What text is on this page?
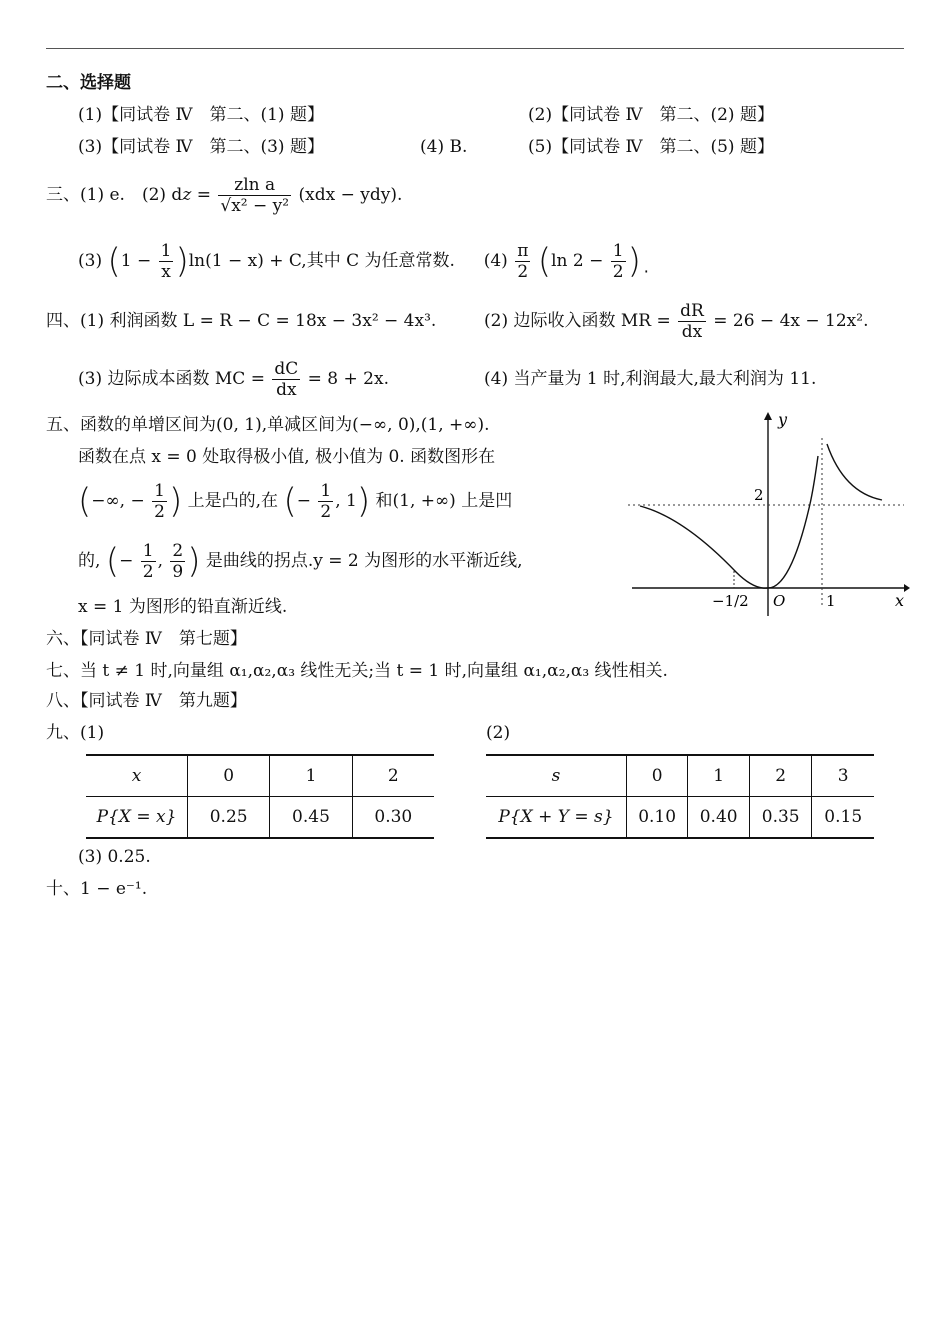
二、选择题
(1)【同试卷 Ⅳ　第二、(1) 题】	(2)【同试卷 Ⅳ　第二、(2) 题】
(3)【同试卷 Ⅳ　第二、(3) 题】	(4) B.	(5)【同试卷 Ⅳ　第二、(5) 题】
三、(1) e.　(2) dz = $\frac{\text{zln a}}{\text{√x² − y²}} (xdx - ydy)$.
(3) $(1 - \frac{1}{x} )\ln(1 - x) + C$,其中 C 为任意常数. $(4) \frac{\pi}{2} (\ln$ $2 - \frac{1}{2}$ ).
四、(1) 利润函数 L = R − C = 18x − 3x² − 4x³.	(2) 边际收入函数 MR = $\frac{dR}{dx} = 26 - 4x - 12x^2$.
(3) 边际成本函数 MC = $\frac{dC}{dx} = 8 + 2x$.	(4) 当产量为 1 时,利润最大,最大利润为 11.
五、函数的单增区间为(0, 1),单减区间为(−∞, 0),(1, +∞).
函数在点 x = 0 处取得极小值, 极小值为 0. 函数图形在
(−∞, − $\frac{1}{2}$ ) 上是凸的,在 (− $\frac{1}{2}$ , 1) 和(1, +∞) 上是凹
的, (− $\frac{1}{2}$ , $\frac{2}{9}$ ) 是曲线的拐点.y = 2 为图形的水平渐近线,
x = 1 为图形的铅直渐近线.
y
x
2
−1/2 O	1
六、【同试卷 Ⅳ　第七题】
七、当 t ≠ 1 时,向量组 α₁,α₂,α₃ 线性无关;当 t = 1 时,向量组 α₁,α₂,α₃ 线性相关.
八、【同试卷 Ⅳ　第九题】
九、(1)	(2)
x	0	1	2
P{X = x}	0.25	0.45	0.30
s	0	1	2	3
P{X + Y = s}	0.10	0.40	0.35	0.15
(3) 0.25.
十、1 − e⁻¹.
